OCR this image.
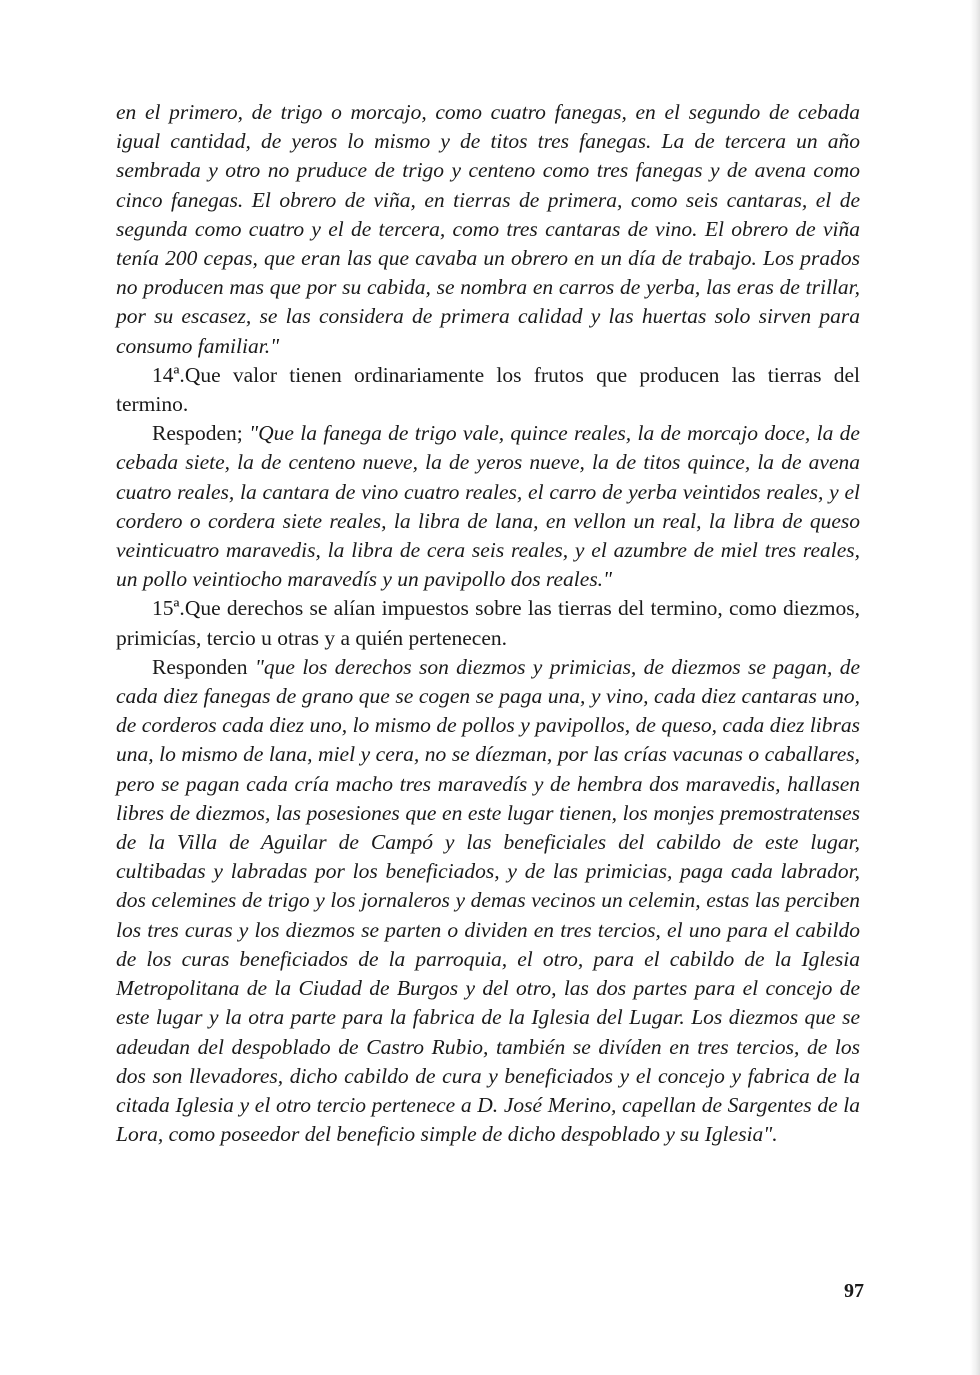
en el primero, de trigo o morcajo, como cuatro fanegas, en el segundo de cebada igual cantidad, de yeros lo mismo y de titos tres fanegas. La de tercera un año sembrada y otro no pruduce de trigo y centeno como tres fanegas y de avena como cinco fanegas. El obrero de viña, en tierras de primera, como seis cantaras, el de segunda como cuatro y el de tercera, como tres cantaras de vino. El obrero de viña tenía 200 cepas, que eran las que cavaba un obrero en un día de trabajo. Los prados no producen mas que por su cabida, se nombra en carros de yerba, las eras de trillar, por su escasez, se las considera de primera calidad y las huertas solo sirven para consumo familiar."

14ª.Que valor tienen ordinariamente los frutos que producen las tierras del termino.

Respoden; "Que la fanega de trigo vale, quince reales, la de morcajo doce, la de cebada siete, la de centeno nueve, la de yeros nueve, la de titos quince, la de avena cuatro reales, la cantara de vino cuatro reales, el carro de yerba veintidos reales, y el cordero o cordera siete reales, la libra de lana, en vellon un real, la libra de queso veinticuatro maravedis, la libra de cera seis reales, y el azumbre de miel tres reales, un pollo veintiocho maravedís y un pavipollo dos reales."

15ª.Que derechos se alían impuestos sobre las tierras del termino, como diezmos, primicías, tercio u otras y a quién pertenecen.

Responden "que los derechos son diezmos y primicias, de diezmos se pagan, de cada diez fanegas de grano que se cogen se paga una, y vino, cada diez cantaras uno, de corderos cada diez uno, lo mismo de pollos y pavipollos, de queso, cada diez libras una, lo mismo de lana, miel y cera, no se díezman, por las crías vacunas o caballares, pero se pagan cada cría macho tres maravedís y de hembra dos maravedis, hallasen libres de diezmos, las posesiones que en este lugar tienen, los monjes premostratenses de la Villa de Aguilar de Campó y las beneficiales del cabildo de este lugar, cultibadas y labradas por los beneficiados, y de las primicias, paga cada labrador, dos celemines de trigo y los jornaleros y demas vecinos un celemin, estas las perciben los tres curas y los diezmos se parten o dividen en tres tercios, el uno para el cabildo de los curas beneficiados de la parroquia, el otro, para el cabildo de la Iglesia Metropolitana de la Ciudad de Burgos y del otro, las dos partes para el concejo de este lugar y la otra parte para la fabrica de la Iglesia del Lugar. Los diezmos que se adeudan del despoblado de Castro Rubio, también se divíden en tres tercios, de los dos son llevadores, dicho cabildo de cura y beneficiados y el concejo y fabrica de la citada Iglesia y el otro tercio pertenece a D. José Merino, capellan de Sargentes de la Lora, como poseedor del beneficio simple de dicho despoblado y su Iglesia".

97
